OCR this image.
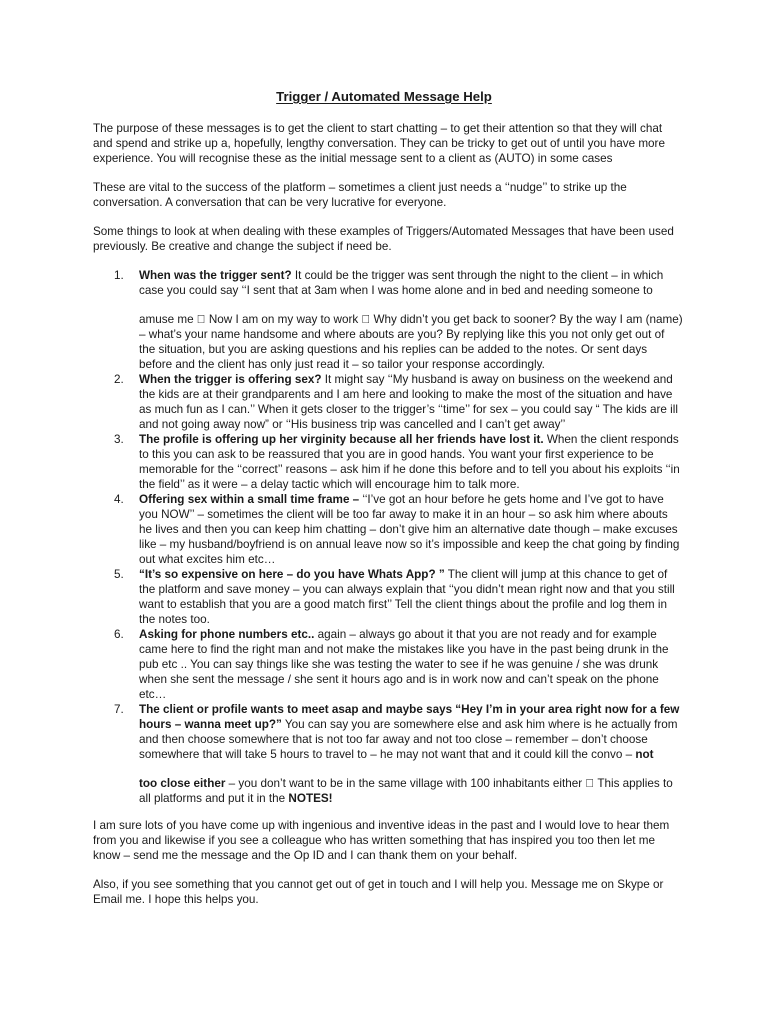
Trigger / Automated Message Help

The purpose of these messages is to get the client to start chatting – to get their attention so that they will chat and spend and strike up a, hopefully, lengthy conversation. They can be tricky to get out of until you have more experience. You will recognise these as the initial message sent to a client as (AUTO) in some cases

These are vital to the success of the platform – sometimes a client just needs a ‘‘nudge’’ to strike up the conversation. A conversation that can be very lucrative for everyone.

Some things to look at when dealing with these examples of Triggers/Automated Messages that have been used previously. Be creative and change the subject if need be.

1. When was the trigger sent? It could be the trigger was sent through the night to the client – in which case you could say ‘‘I sent that at 3am when I was home alone and in bed and needing someone to

amuse me Now I am on my way to work Why didn’t you get back to sooner? By the way I am (name) – what’s your name handsome and where abouts are you? By replying like this you not only get out of the situation, but you are asking questions and his replies can be added to the notes. Or sent days before and the client has only just read it – so tailor your response accordingly.

2. When the trigger is offering sex? It might say ‘‘My husband is away on business on the weekend and the kids are at their grandparents and I am here and looking to make the most of the situation and have as much fun as I can.’’ When it gets closer to the trigger’s ‘‘time’’ for sex – you could say “ The kids are ill and not going away now” or ‘‘His business trip was cancelled and I can’t get away’’

3. The profile is offering up her virginity because all her friends have lost it. When the client responds to this you can ask to be reassured that you are in good hands. You want your first experience to be memorable for the ‘‘correct’’ reasons – ask him if he done this before and to tell you about his exploits ‘‘in the field’’ as it were – a delay tactic which will encourage him to talk more.

4. Offering sex within a small time frame – ‘‘I’ve got an hour before he gets home and I’ve got to have you NOW’’ – sometimes the client will be too far away to make it in an hour – so ask him where abouts he lives and then you can keep him chatting – don’t give him an alternative date though – make excuses like – my husband/boyfriend is on annual leave now so it’s impossible and keep the chat going by finding out what excites him etc…

5. “It’s so expensive on here – do you have Whats App? ” The client will jump at this chance to get of the platform and save money – you can always explain that ‘‘you didn’t mean right now and that you still want to establish that you are a good match first’’ Tell the client things about the profile and log them in the notes too.

6. Asking for phone numbers etc.. again – always go about it that you are not ready and for example came here to find the right man and not make the mistakes like you have in the past being drunk in the pub etc .. You can say things like she was testing the water to see if he was genuine / she was drunk when she sent the message / she sent it hours ago and is in work now and can’t speak on the phone etc…

7. The client or profile wants to meet asap and maybe says “Hey I’m in your area right now for a few hours – wanna meet up?” You can say you are somewhere else and ask him where is he actually from and then choose somewhere that is not too far away and not too close – remember – don’t choose somewhere that will take 5 hours to travel to – he may not want that and it could kill the convo – not

too close either – you don’t want to be in the same village with 100 inhabitants either This applies to all platforms and put it in the NOTES!

I am sure lots of you have come up with ingenious and inventive ideas in the past and I would love to hear them from you and likewise if you see a colleague who has written something that has inspired you too then let me know – send me the message and the Op ID and I can thank them on your behalf.

Also, if you see something that you cannot get out of get in touch and I will help you. Message me on Skype or Email me. I hope this helps you.
